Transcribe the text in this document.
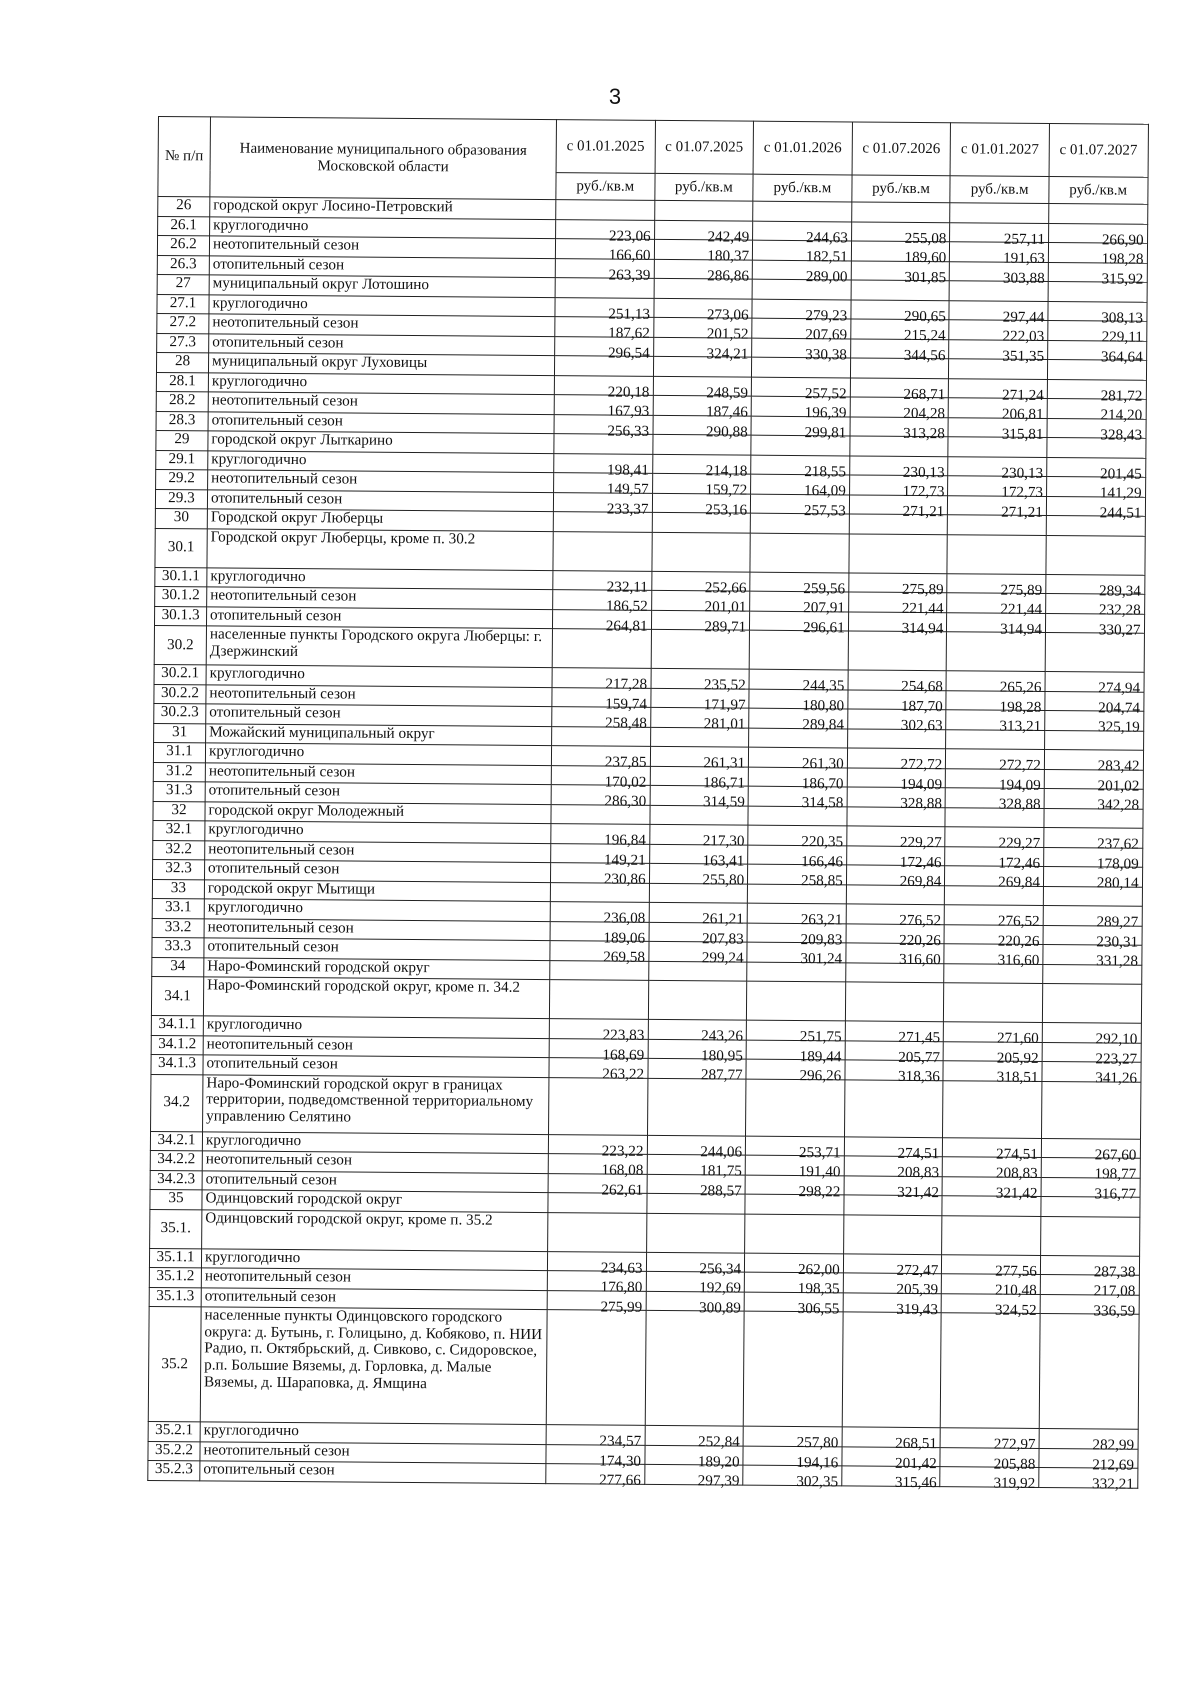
3
№ п/п	Наименование муниципального образования Московской области	с 01.01.2025	с 01.07.2025	с 01.01.2026	с 01.07.2026	с 01.01.2027	с 01.07.2027
		руб./кв.м	руб./кв.м	руб./кв.м	руб./кв.м	руб./кв.м	руб./кв.м
26	городской округ Лосино-Петровский						
26.1	круглогодично	223,06	242,49	244,63	255,08	257,11	266,90
26.2	неотопительный сезон	166,60	180,37	182,51	189,60	191,63	198,28
26.3	отопительный сезон	263,39	286,86	289,00	301,85	303,88	315,92
27	муниципальный округ Лотошино						
27.1	круглогодично	251,13	273,06	279,23	290,65	297,44	308,13
27.2	неотопительный сезон	187,62	201,52	207,69	215,24	222,03	229,11
27.3	отопительный сезон	296,54	324,21	330,38	344,56	351,35	364,64
28	муниципальный округ Луховицы						
28.1	круглогодично	220,18	248,59	257,52	268,71	271,24	281,72
28.2	неотопительный сезон	167,93	187,46	196,39	204,28	206,81	214,20
28.3	отопительный сезон	256,33	290,88	299,81	313,28	315,81	328,43
29	городской округ Лыткарино						
29.1	круглогодично	198,41	214,18	218,55	230,13	230,13	201,45
29.2	неотопительный сезон	149,57	159,72	164,09	172,73	172,73	141,29
29.3	отопительный сезон	233,37	253,16	257,53	271,21	271,21	244,51
30	Городской округ Люберцы						
30.1	Городской округ Люберцы, кроме п. 30.2						
30.1.1	круглогодично	232,11	252,66	259,56	275,89	275,89	289,34
30.1.2	неотопительный сезон	186,52	201,01	207,91	221,44	221,44	232,28
30.1.3	отопительный сезон	264,81	289,71	296,61	314,94	314,94	330,27
30.2	населенные пункты Городского округа Люберцы: г. Дзержинский						
30.2.1	круглогодично	217,28	235,52	244,35	254,68	265,26	274,94
30.2.2	неотопительный сезон	159,74	171,97	180,80	187,70	198,28	204,74
30.2.3	отопительный сезон	258,48	281,01	289,84	302,63	313,21	325,19
31	Можайский муниципальный округ						
31.1	круглогодично	237,85	261,31	261,30	272,72	272,72	283,42
31.2	неотопительный сезон	170,02	186,71	186,70	194,09	194,09	201,02
31.3	отопительный сезон	286,30	314,59	314,58	328,88	328,88	342,28
32	городской округ Молодежный						
32.1	круглогодично	196,84	217,30	220,35	229,27	229,27	237,62
32.2	неотопительный сезон	149,21	163,41	166,46	172,46	172,46	178,09
32.3	отопительный сезон	230,86	255,80	258,85	269,84	269,84	280,14
33	городской округ Мытищи						
33.1	круглогодично	236,08	261,21	263,21	276,52	276,52	289,27
33.2	неотопительный сезон	189,06	207,83	209,83	220,26	220,26	230,31
33.3	отопительный сезон	269,58	299,24	301,24	316,60	316,60	331,28
34	Наро-Фоминский городской округ						
34.1	Наро-Фоминский городской округ, кроме п. 34.2						
34.1.1	круглогодично	223,83	243,26	251,75	271,45	271,60	292,10
34.1.2	неотопительный сезон	168,69	180,95	189,44	205,77	205,92	223,27
34.1.3	отопительный сезон	263,22	287,77	296,26	318,36	318,51	341,26
34.2	Наро-Фоминский городской округ в границах территории, подведомственной территориальному управлению Селятино						
34.2.1	круглогодично	223,22	244,06	253,71	274,51	274,51	267,60
34.2.2	неотопительный сезон	168,08	181,75	191,40	208,83	208,83	198,77
34.2.3	отопительный сезон	262,61	288,57	298,22	321,42	321,42	316,77
35	Одинцовский городской округ						
35.1.	Одинцовский городской округ, кроме п. 35.2						
35.1.1	круглогодично	234,63	256,34	262,00	272,47	277,56	287,38
35.1.2	неотопительный сезон	176,80	192,69	198,35	205,39	210,48	217,08
35.1.3	отопительный сезон	275,99	300,89	306,55	319,43	324,52	336,59
35.2	населенные пункты Одинцовского городского округа: д. Бутынь, г. Голицыно, д. Кобяково, п. НИИ Радио, п. Октябрьский, д. Сивково, с. Сидоровское, р.п. Большие Вяземы, д. Горловка, д. Малые Вяземы, д. Шараповка, д. Ямщина						
35.2.1	круглогодично	234,57	252,84	257,80	268,51	272,97	282,99
35.2.2	неотопительный сезон	174,30	189,20	194,16	201,42	205,88	212,69
35.2.3	отопительный сезон	277,66	297,39	302,35	315,46	319,92	332,21
